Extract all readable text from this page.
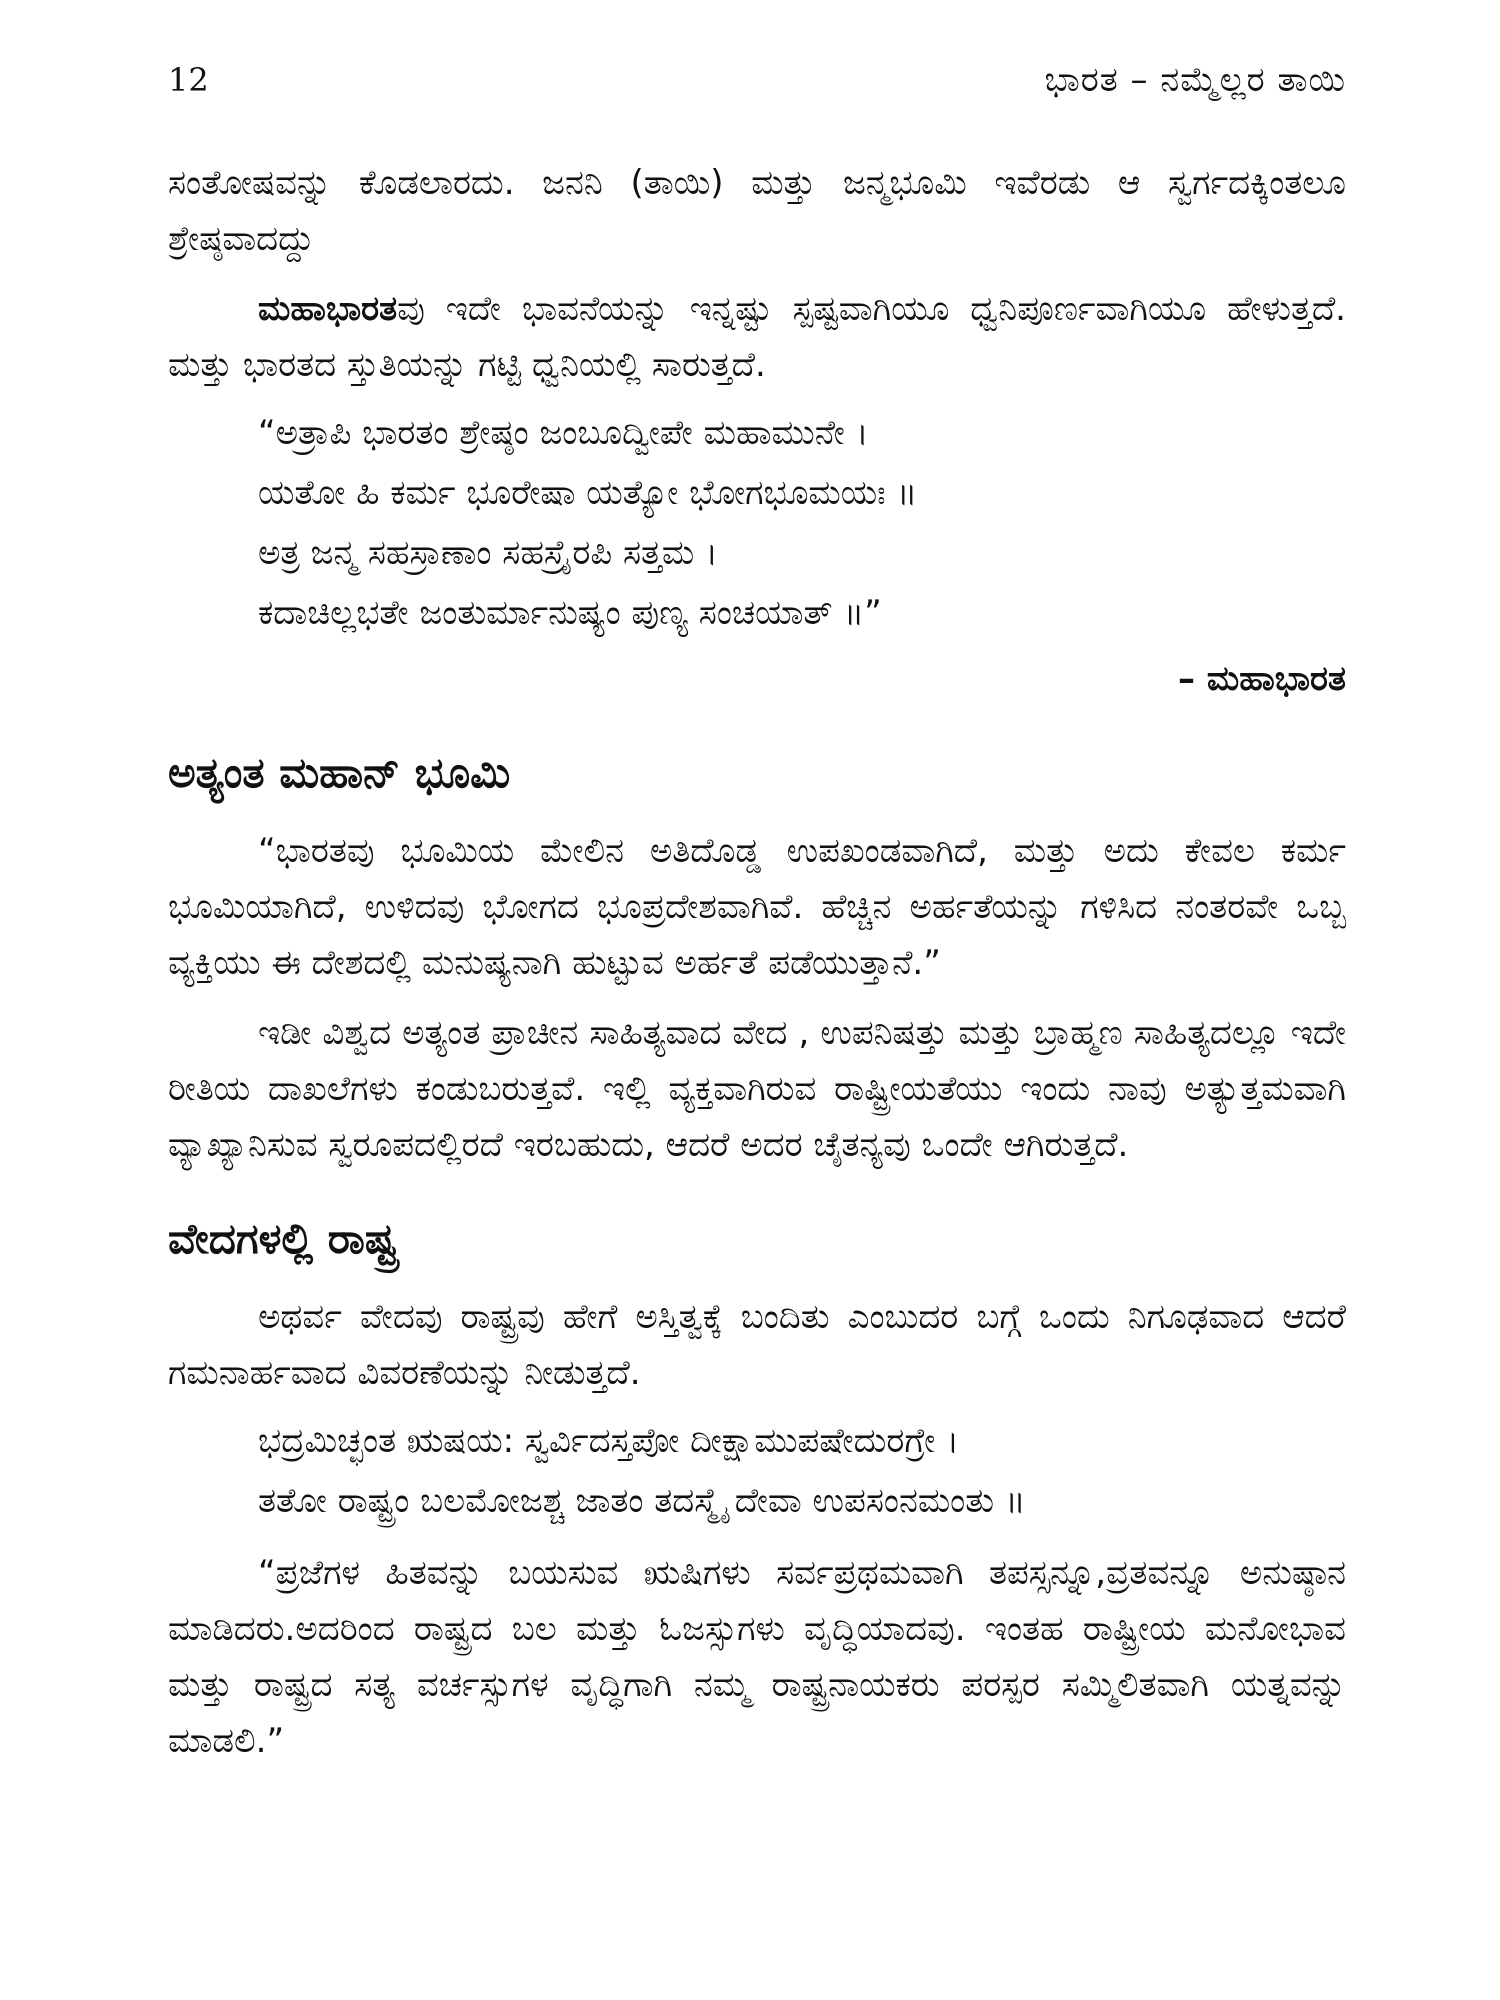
12	ಭಾರತ – ನಮ್ಮೆಲ್ಲರ ತಾಯಿ

ಸಂತೋಷವನ್ನು ಕೊಡಲಾರದು. ಜನನಿ (ತಾಯಿ) ಮತ್ತು ಜನ್ಮಭೂಮಿ ಇವೆರಡು ಆ ಸ್ವರ್ಗದಕ್ಕಿಂತಲೂ ಶ್ರೇಷ್ಠವಾದದ್ದು

ಮಹಾಭಾರತವು ಇದೇ ಭಾವನೆಯನ್ನು ಇನ್ನಷ್ಟು ಸ್ಪಷ್ಟವಾಗಿಯೂ ಧ್ವನಿಪೂರ್ಣವಾಗಿಯೂ ಹೇಳುತ್ತದೆ. ಮತ್ತು ಭಾರತದ ಸ್ತುತಿಯನ್ನು ಗಟ್ಟಿ ಧ್ವನಿಯಲ್ಲಿ ಸಾರುತ್ತದೆ.

“ಅತ್ರಾಪಿ ಭಾರತಂ ಶ್ರೇಷ್ಠಂ ಜಂಬೂದ್ವೀಪೇ ಮಹಾಮುನೇ ।
ಯತೋ ಹಿ ಕರ್ಮ ಭೂರೇಷಾ ಯತ್ಯೋ ಭೋಗಭೂಮಯಃ ॥
ಅತ್ರ ಜನ್ಮ ಸಹಸ್ರಾಣಾಂ ಸಹಸ್ರೈರಪಿ ಸತ್ತಮ ।
ಕದಾಚಿಲ್ಲಭತೇ ಜಂತುರ್ಮಾನುಷ್ಯಂ ಪುಣ್ಯ ಸಂಚಯಾತ್ ॥”
– ಮಹಾಭಾರತ
ಅತ್ಯಂತ ಮಹಾನ್ ಭೂಮಿ

“ಭಾರತವು ಭೂಮಿಯ ಮೇಲಿನ ಅತಿದೊಡ್ಡ ಉಪಖಂಡವಾಗಿದೆ, ಮತ್ತು ಅದು ಕೇವಲ ಕರ್ಮ ಭೂಮಿಯಾಗಿದೆ, ಉಳಿದವು ಭೋಗದ ಭೂಪ್ರದೇಶವಾಗಿವೆ. ಹೆಚ್ಚಿನ ಅರ್ಹತೆಯನ್ನು ಗಳಿಸಿದ ನಂತರವೇ ಒಬ್ಬ ವ್ಯಕ್ತಿಯು ಈ ದೇಶದಲ್ಲಿ ಮನುಷ್ಯನಾಗಿ ಹುಟ್ಟುವ ಅರ್ಹತೆ ಪಡೆಯುತ್ತಾನೆ.”

ಇಡೀ ವಿಶ್ವದ ಅತ್ಯಂತ ಪ್ರಾಚೀನ ಸಾಹಿತ್ಯವಾದ ವೇದ , ಉಪನಿಷತ್ತು ಮತ್ತು ಬ್ರಾಹ್ಮಣ ಸಾಹಿತ್ಯದಲ್ಲೂ ಇದೇ ರೀತಿಯ ದಾಖಲೆಗಳು ಕಂಡುಬರುತ್ತವೆ. ಇಲ್ಲಿ ವ್ಯಕ್ತವಾಗಿರುವ ರಾಷ್ಟ್ರೀಯತೆಯು ಇಂದು ನಾವು ಅತ್ಯುತ್ತಮವಾಗಿ ವ್ಯಾಖ್ಯಾನಿಸುವ ಸ್ವರೂಪದಲ್ಲಿರದೆ ಇರಬಹುದು, ಆದರೆ ಅದರ ಚೈತನ್ಯವು ಒಂದೇ ಆಗಿರುತ್ತದೆ.

ವೇದಗಳಲ್ಲಿ ರಾಷ್ಟ್ರ

ಅಥರ್ವ ವೇದವು ರಾಷ್ಟ್ರವು ಹೇಗೆ ಅಸ್ತಿತ್ವಕ್ಕೆ ಬಂದಿತು ಎಂಬುದರ ಬಗ್ಗೆ ಒಂದು ನಿಗೂಢವಾದ ಆದರೆ ಗಮನಾರ್ಹವಾದ ವಿವರಣೆಯನ್ನು ನೀಡುತ್ತದೆ.

ಭದ್ರಮಿಚ್ಛಂತ ಋಷಯ: ಸ್ವರ್ವಿದಸ್ತಪೋ ದೀಕ್ಷಾಮುಪಷೇದುರಗ್ರೇ ।
ತತೋ ರಾಷ್ಟ್ರಂ ಬಲಮೋಜಶ್ಚ ಜಾತಂ ತದಸ್ಮೈ ದೇವಾ ಉಪಸಂನಮಂತು ॥

“ಪ್ರಜೆಗಳ ಹಿತವನ್ನು ಬಯಸುವ ಋಷಿಗಳು ಸರ್ವಪ್ರಥಮವಾಗಿ ತಪಸ್ಸನ್ನೂ,ವ್ರತವನ್ನೂ ಅನುಷ್ಠಾನ ಮಾಡಿದರು.ಅದರಿಂದ ರಾಷ್ಟ್ರದ ಬಲ ಮತ್ತು ಓಜಸ್ಸುಗಳು ವೃದ್ಧಿಯಾದವು. ಇಂತಹ ರಾಷ್ಟ್ರೀಯ ಮನೋಭಾವ ಮತ್ತು ರಾಷ್ಟ್ರದ ಸತ್ಯ ವರ್ಚಸ್ಸುಗಳ ವೃದ್ಧಿಗಾಗಿ ನಮ್ಮ ರಾಷ್ಟ್ರನಾಯಕರು ಪರಸ್ಪರ ಸಮ್ಮಿಲಿತವಾಗಿ ಯತ್ನವನ್ನು ಮಾಡಲಿ.”
